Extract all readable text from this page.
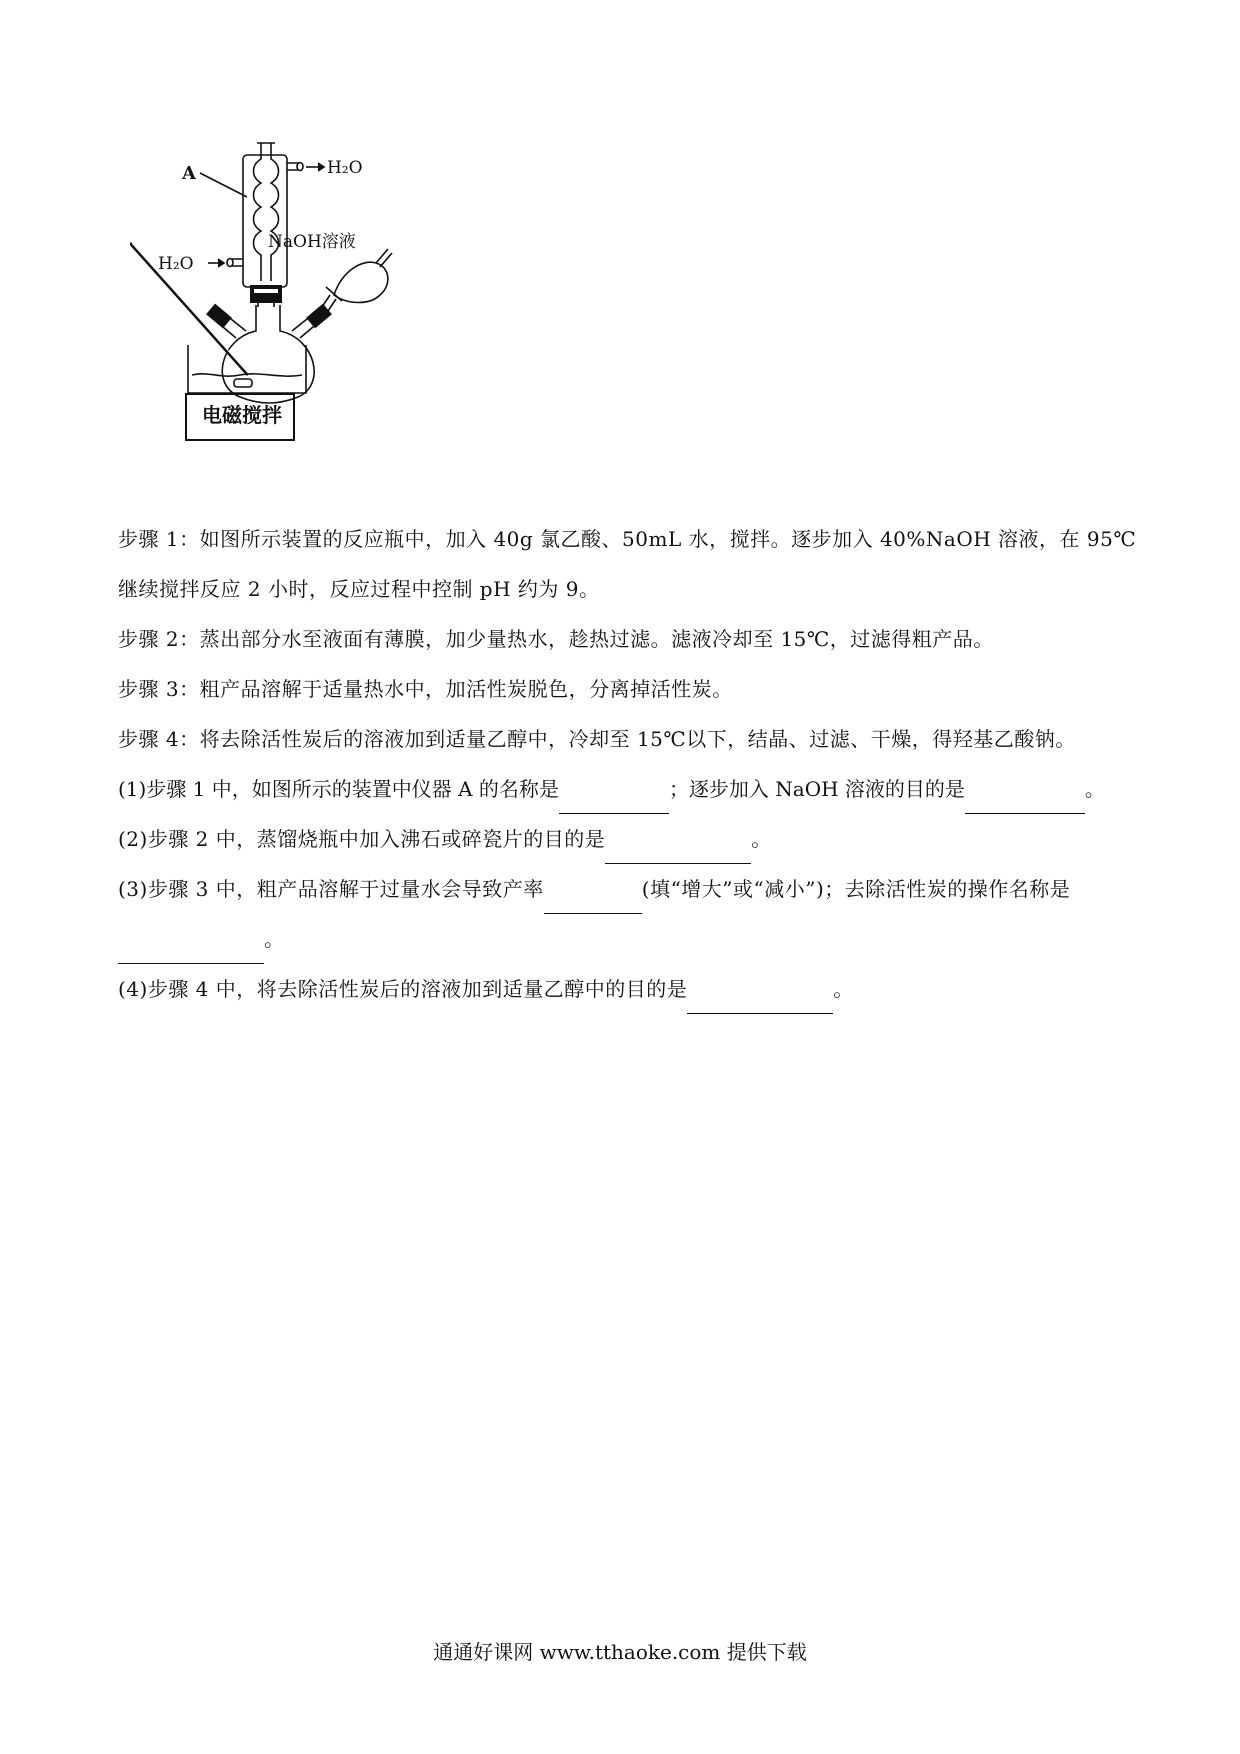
电磁搅拌
A	H₂O
H₂O
NaOH溶液

步骤 1：如图所示装置的反应瓶中，加入 40g 氯乙酸、50mL 水，搅拌。逐步加入 40%NaOH 溶液，在 95℃

继续搅拌反应 2 小时，反应过程中控制 pH 约为 9。

步骤 2：蒸出部分水至液面有薄膜，加少量热水，趁热过滤。滤液冷却至 15℃，过滤得粗产品。

步骤 3：粗产品溶解于适量热水中，加活性炭脱色，分离掉活性炭。

步骤 4：将去除活性炭后的溶液加到适量乙醇中，冷却至 15℃以下，结晶、过滤、干燥，得羟基乙酸钠。

(1)步骤 1 中，如图所示的装置中仪器 A 的名称是	；逐步加入 NaOH 溶液的目的是	。

(2)步骤 2 中，蒸馏烧瓶中加入沸石或碎瓷片的目的是	。

(3)步骤 3 中，粗产品溶解于过量水会导致产率	(填“增大”或“减小”)；去除活性炭的操作名称是

。

(4)步骤 4 中，将去除活性炭后的溶液加到适量乙醇中的目的是	。

通通好课网 www.tthaoke.com 提供下载
